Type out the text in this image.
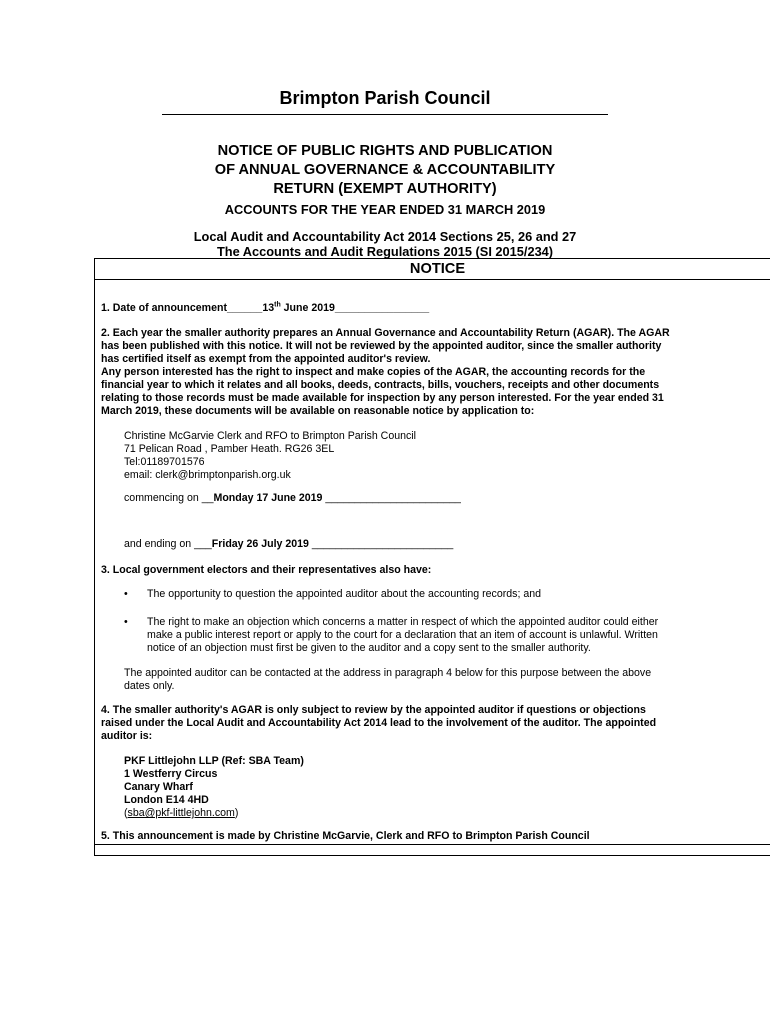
Brimpton Parish Council
NOTICE OF PUBLIC RIGHTS AND PUBLICATION
OF ANNUAL GOVERNANCE & ACCOUNTABILITY
RETURN (EXEMPT AUTHORITY)
ACCOUNTS FOR THE YEAR ENDED 31 MARCH 2019
Local Audit and Accountability Act 2014 Sections 25, 26 and 27
The Accounts and Audit Regulations 2015 (SI 2015/234)
NOTICE
1. Date of announcement______13th June 2019________________
2. Each year the smaller authority prepares an Annual Governance and Accountability Return (AGAR). The AGAR
has been published with this notice. It will not be reviewed by the appointed auditor, since the smaller authority
has certified itself as exempt from the appointed auditor's review.
Any person interested has the right to inspect and make copies of the AGAR, the accounting records for the
financial year to which it relates and all books, deeds, contracts, bills, vouchers, receipts and other documents
relating to those records must be made available for inspection by any person interested. For the year ended 31
March 2019, these documents will be available on reasonable notice by application to:
Christine McGarvie Clerk and RFO to Brimpton Parish Council
71 Pelican Road , Pamber Heath. RG26 3EL
Tel:01189701576
email: clerk@brimptonparish.org.uk
commencing on __Monday 17 June 2019 _______________________
and ending on ___Friday 26 July 2019 ________________________
3. Local government electors and their representatives also have:
• The opportunity to question the appointed auditor about the accounting records; and
• The right to make an objection which concerns a matter in respect of which the appointed auditor could either
make a public interest report or apply to the court for a declaration that an item of account is unlawful. Written
notice of an objection must first be given to the auditor and a copy sent to the smaller authority.
The appointed auditor can be contacted at the address in paragraph 4 below for this purpose between the above
dates only.
4. The smaller authority's AGAR is only subject to review by the appointed auditor if questions or objections
raised under the Local Audit and Accountability Act 2014 lead to the involvement of the auditor. The appointed
auditor is:
PKF Littlejohn LLP (Ref: SBA Team)
1 Westferry Circus
Canary Wharf
London E14 4HD
(sba@pkf-littlejohn.com)
5. This announcement is made by Christine McGarvie, Clerk and RFO to Brimpton Parish Council
